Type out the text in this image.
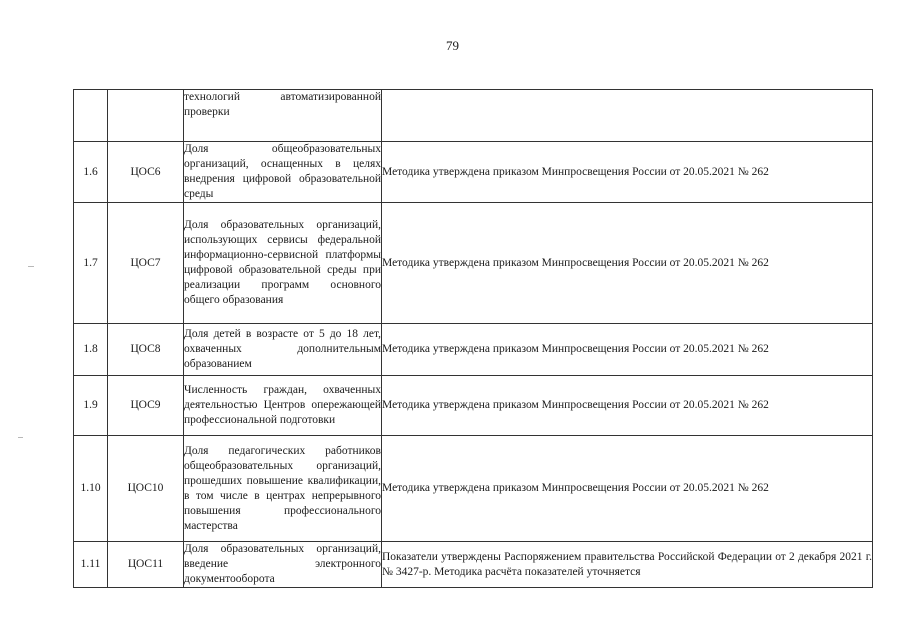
79

		технологий автоматизированной проверки	

1.6	ЦОС6	Доля общеобразовательных организаций, оснащенных в целях внедрения цифровой образовательной среды	Методика утверждена приказом Минпросвещения России от 20.05.2021 № 262
1.7	ЦОС7	Доля образовательных организаций, использующих сервисы федеральной информационно-сервисной платформы цифровой образовательной среды при реализации программ основного общего образования	Методика утверждена приказом Минпросвещения России от 20.05.2021 № 262
1.8	ЦОС8	Доля детей в возрасте от 5 до 18 лет, охваченных дополнительным образованием	Методика утверждена приказом Минпросвещения России от 20.05.2021 № 262
1.9	ЦОС9	Численность граждан, охваченных деятельностью Центров опережающей профессиональной подготовки	Методика утверждена приказом Минпросвещения России от 20.05.2021 № 262
1.10	ЦОС10	Доля педагогических работников общеобразовательных организаций, прошедших повышение квалификации, в том числе в центрах непрерывного повышения профессионального мастерства	Методика утверждена приказом Минпросвещения России от 20.05.2021 № 262
1.11	ЦОС11	Доля образовательных организаций, введение электронного документооборота	Показатели утверждены Распоряжением правительства Российской Федерации от 2 декабря 2021 г. № 3427-р. Методика расчёта показателей уточняется
